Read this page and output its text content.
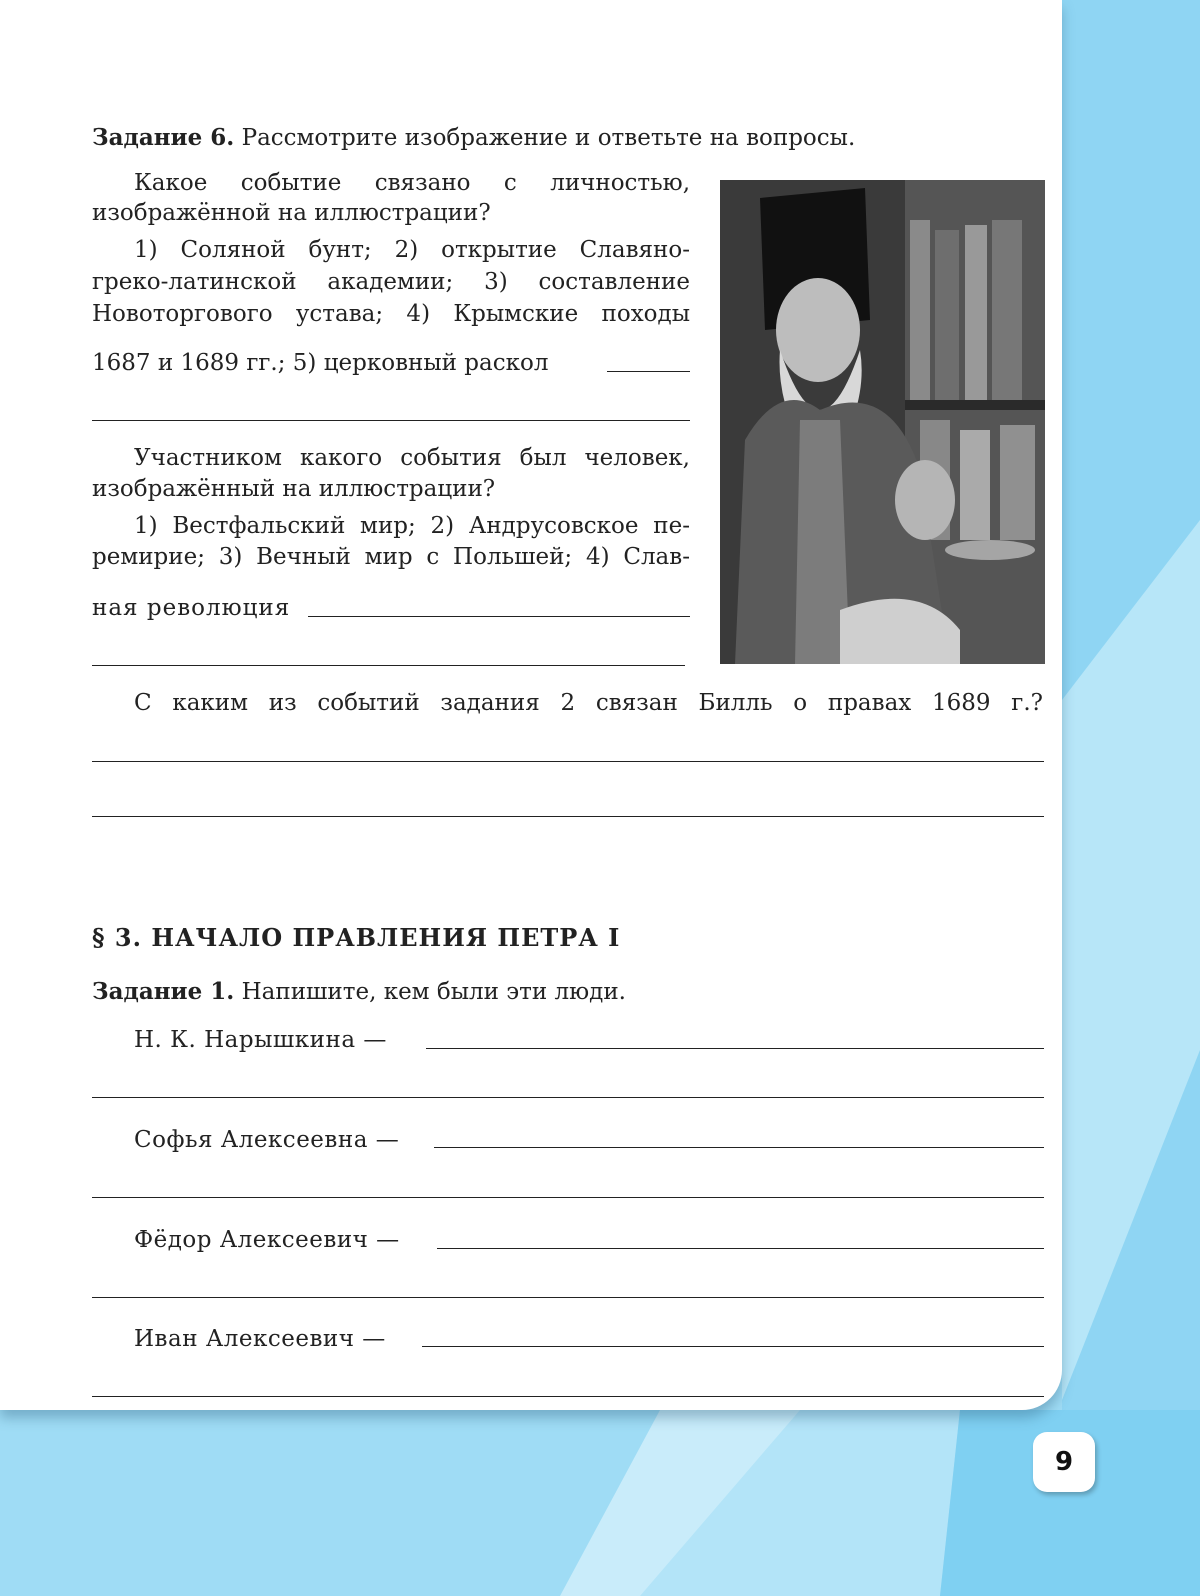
Задание 6. Рассмотрите изображение и ответьте на вопросы.
Какое событие связано с личностью,
изображённой на иллюстрации?
1) Соляной бунт; 2) открытие Славяно-
греко-латинской академии; 3) составление
Новоторгового устава; 4) Крымские походы
1687 и 1689 гг.; 5) церковный раскол
Участником какого события был человек,
изображённый на иллюстрации?
1) Вестфальский мир; 2) Андрусовское пе-
ремирие; 3) Вечный мир с Польшей; 4) Слав-
ная революция
С каким из событий задания 2 связан Билль о правах 1689 г.?
§ 3. НАЧАЛО ПРАВЛЕНИЯ ПЕТРА I
Задание 1. Напишите, кем были эти люди.
Н. К. Нарышкина —
Софья Алексеевна —
Фёдор Алексеевич —
Иван Алексеевич —
9
